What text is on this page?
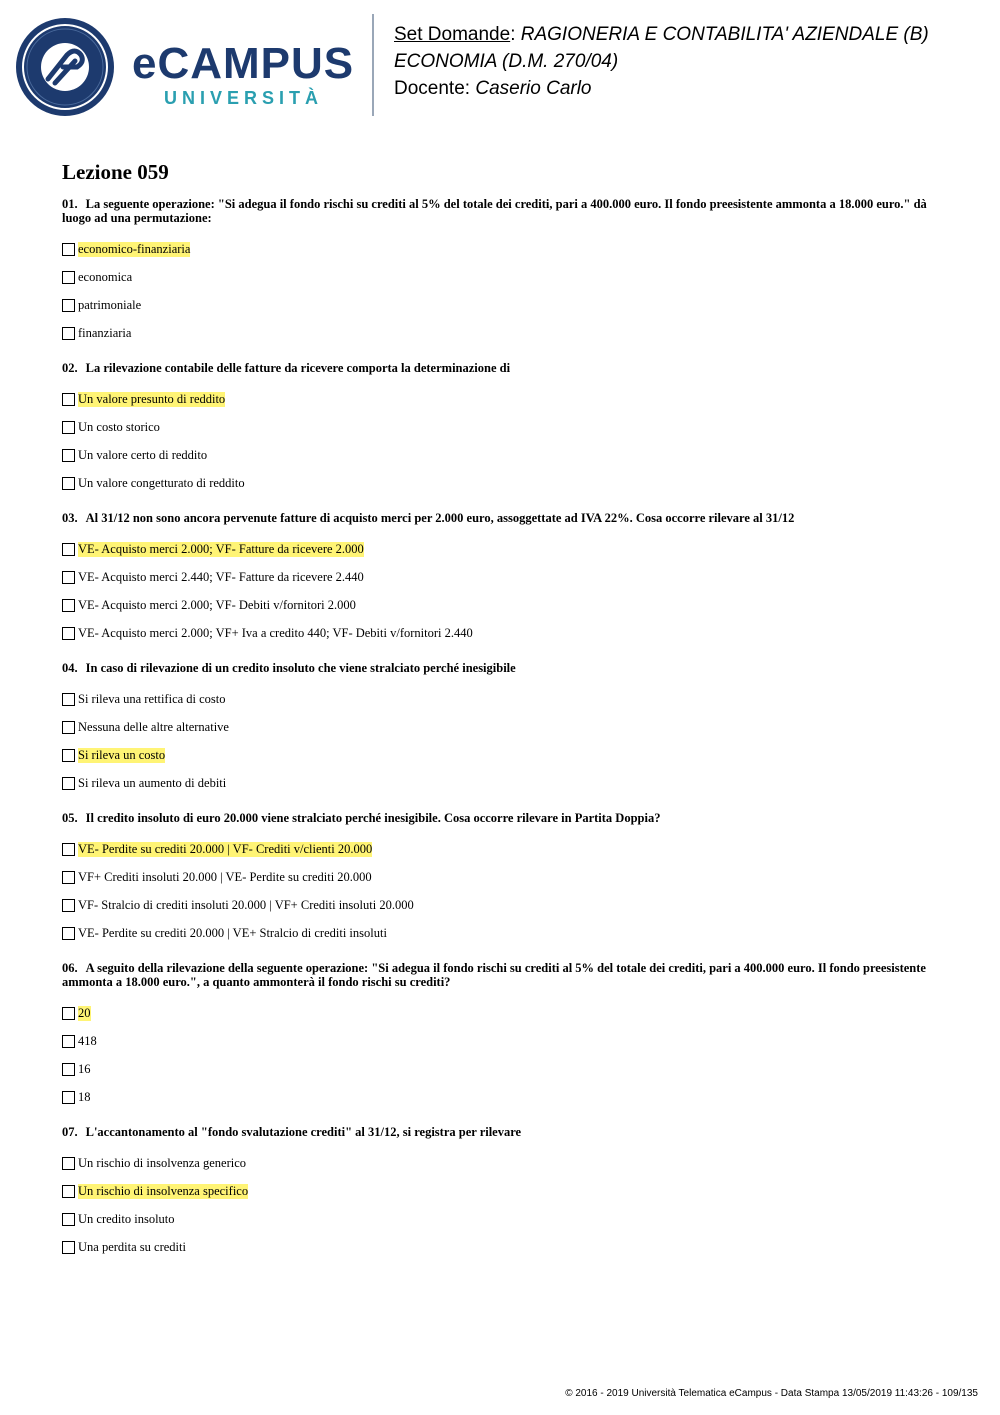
eCAMPUS
UNIVERSITÀ
Set Domande: RAGIONERIA E CONTABILITA' AZIENDALE (B)
ECONOMIA (D.M. 270/04)
Docente: Caserio Carlo
Lezione 059
01. La seguente operazione: "Si adegua il fondo rischi su crediti al 5% del totale dei crediti, pari a 400.000 euro. Il fondo preesistente ammonta a 18.000 euro." dà luogo ad una permutazione:
economico-finanziaria
economica
patrimoniale
finanziaria
02. La rilevazione contabile delle fatture da ricevere comporta la determinazione di
Un valore presunto di reddito
Un costo storico
Un valore certo di reddito
Un valore congetturato di reddito
03. Al 31/12 non sono ancora pervenute fatture di acquisto merci per 2.000 euro, assoggettate ad IVA 22%. Cosa occorre rilevare al 31/12
VE- Acquisto merci 2.000; VF- Fatture da ricevere 2.000
VE- Acquisto merci 2.440; VF- Fatture da ricevere 2.440
VE- Acquisto merci 2.000; VF- Debiti v/fornitori 2.000
VE- Acquisto merci 2.000; VF+ Iva a credito 440; VF- Debiti v/fornitori 2.440
04. In caso di rilevazione di un credito insoluto che viene stralciato perché inesigibile
Si rileva una rettifica di costo
Nessuna delle altre alternative
Si rileva un costo
Si rileva un aumento di debiti
05. Il credito insoluto di euro 20.000 viene stralciato perché inesigibile. Cosa occorre rilevare in Partita Doppia?
VE- Perdite su crediti 20.000 | VF- Crediti v/clienti 20.000
VF+ Crediti insoluti 20.000 | VE- Perdite su crediti 20.000
VF- Stralcio di crediti insoluti 20.000 | VF+ Crediti insoluti 20.000
VE- Perdite su crediti 20.000 | VE+ Stralcio di crediti insoluti
06. A seguito della rilevazione della seguente operazione: "Si adegua il fondo rischi su crediti al 5% del totale dei crediti, pari a 400.000 euro. Il fondo preesistente ammonta a 18.000 euro.", a quanto ammonterà il fondo rischi su crediti?
20
418
16
18
07. L'accantonamento al "fondo svalutazione crediti" al 31/12, si registra per rilevare
Un rischio di insolvenza generico
Un rischio di insolvenza specifico
Un credito insoluto
Una perdita su crediti
© 2016 - 2019 Università Telematica eCampus - Data Stampa 13/05/2019 11:43:26 - 109/135
